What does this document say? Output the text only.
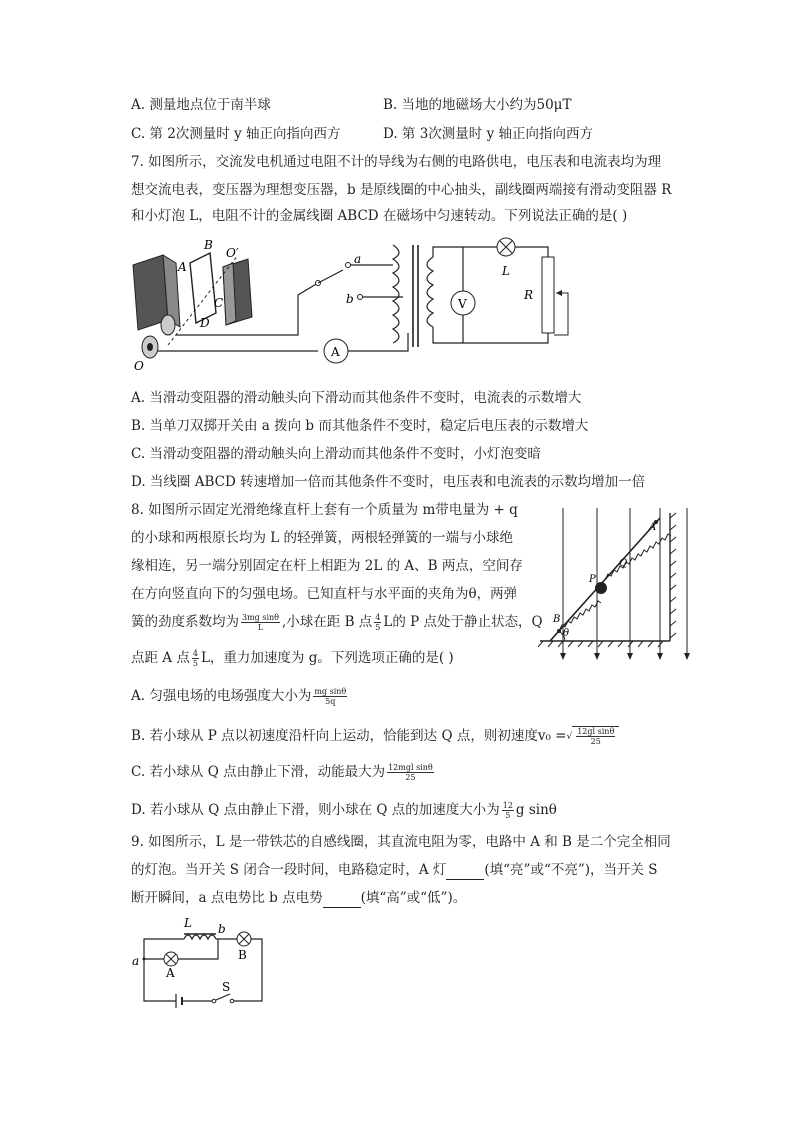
A. 测量地点位于南半球	B. 当地的地磁场大小约为50μT
C. 第 2次测量时 y 轴正向指向西方	D. 第 3次测量时 y 轴正向指向西方
7. 如图所示，交流发电机通过电阻不计的导线为右侧的电路供电，电压表和电流表均为理
想交流电表，变压器为理想变压器，b 是原线圈的中心抽头，副线圈两端接有滑动变阻器 R
和小灯泡 L，电阻不计的金属线圈 ABCD 在磁场中匀速转动。下列说法正确的是( )
B
O′
A
C
D
O
a
b
A
V
L
R
A. 当滑动变阻器的滑动触头向下滑动而其他条件不变时，电流表的示数增大
B. 当单刀双掷开关由 a 拨向 b 而其他条件不变时，稳定后电压表的示数增大
C. 当滑动变阻器的滑动触头向上滑动而其他条件不变时，小灯泡变暗
D. 当线圈 ABCD 转速增加一倍而其他条件不变时，电压表和电流表的示数均增加一倍
8. 如图所示固定光滑绝缘直杆上套有一个质量为 m带电量为 + q
的小球和两根原长均为 L 的轻弹簧，两根轻弹簧的一端与小球绝
缘相连，另一端分别固定在杆上相距为 2L 的 A、B 两点，空间存
在方向竖直向下的匀强电场。已知直杆与水平面的夹角为θ，两弹
簧的劲度系数均为 $\frac{\text{3mg sinθ}}{L}$ ,小球在距 B 点 $\frac{4}{5}$ L的 P 点处于静止状态，Q
点距 A 点 $\frac{4}{5}$ L，重力加速度为 g。下列选项正确的是( )
B
P
Q
A
θ
A. 匀强电场的电场强度大小为 $\frac{\text{mg sinθ}}{5q}$
B. 若小球从 P 点以初速度沿杆向上运动，恰能到达 Q 点，则初速度v₀ =√ $\frac{\text{12gl sinθ}}{25}$
C. 若小球从 Q 点由静止下滑，动能最大为 $\frac{\text{12mgl sinθ}}{25}$
D. 若小球从 Q 点由静止下滑，则小球在 Q 点的加速度大小为 $\frac{12}{5}$ g sinθ
9. 如图所示，L 是一带铁芯的自感线圈，其直流电阻为零，电路中 A 和 B 是二个完全相同
的灯泡。当开关 S 闭合一段时间，电路稳定时，A 灯	(填“亮”或“不亮”)，当开关 S
断开瞬间，a 点电势比 b 点电势	(填“高”或“低”)。
L b
B
A
a
S
